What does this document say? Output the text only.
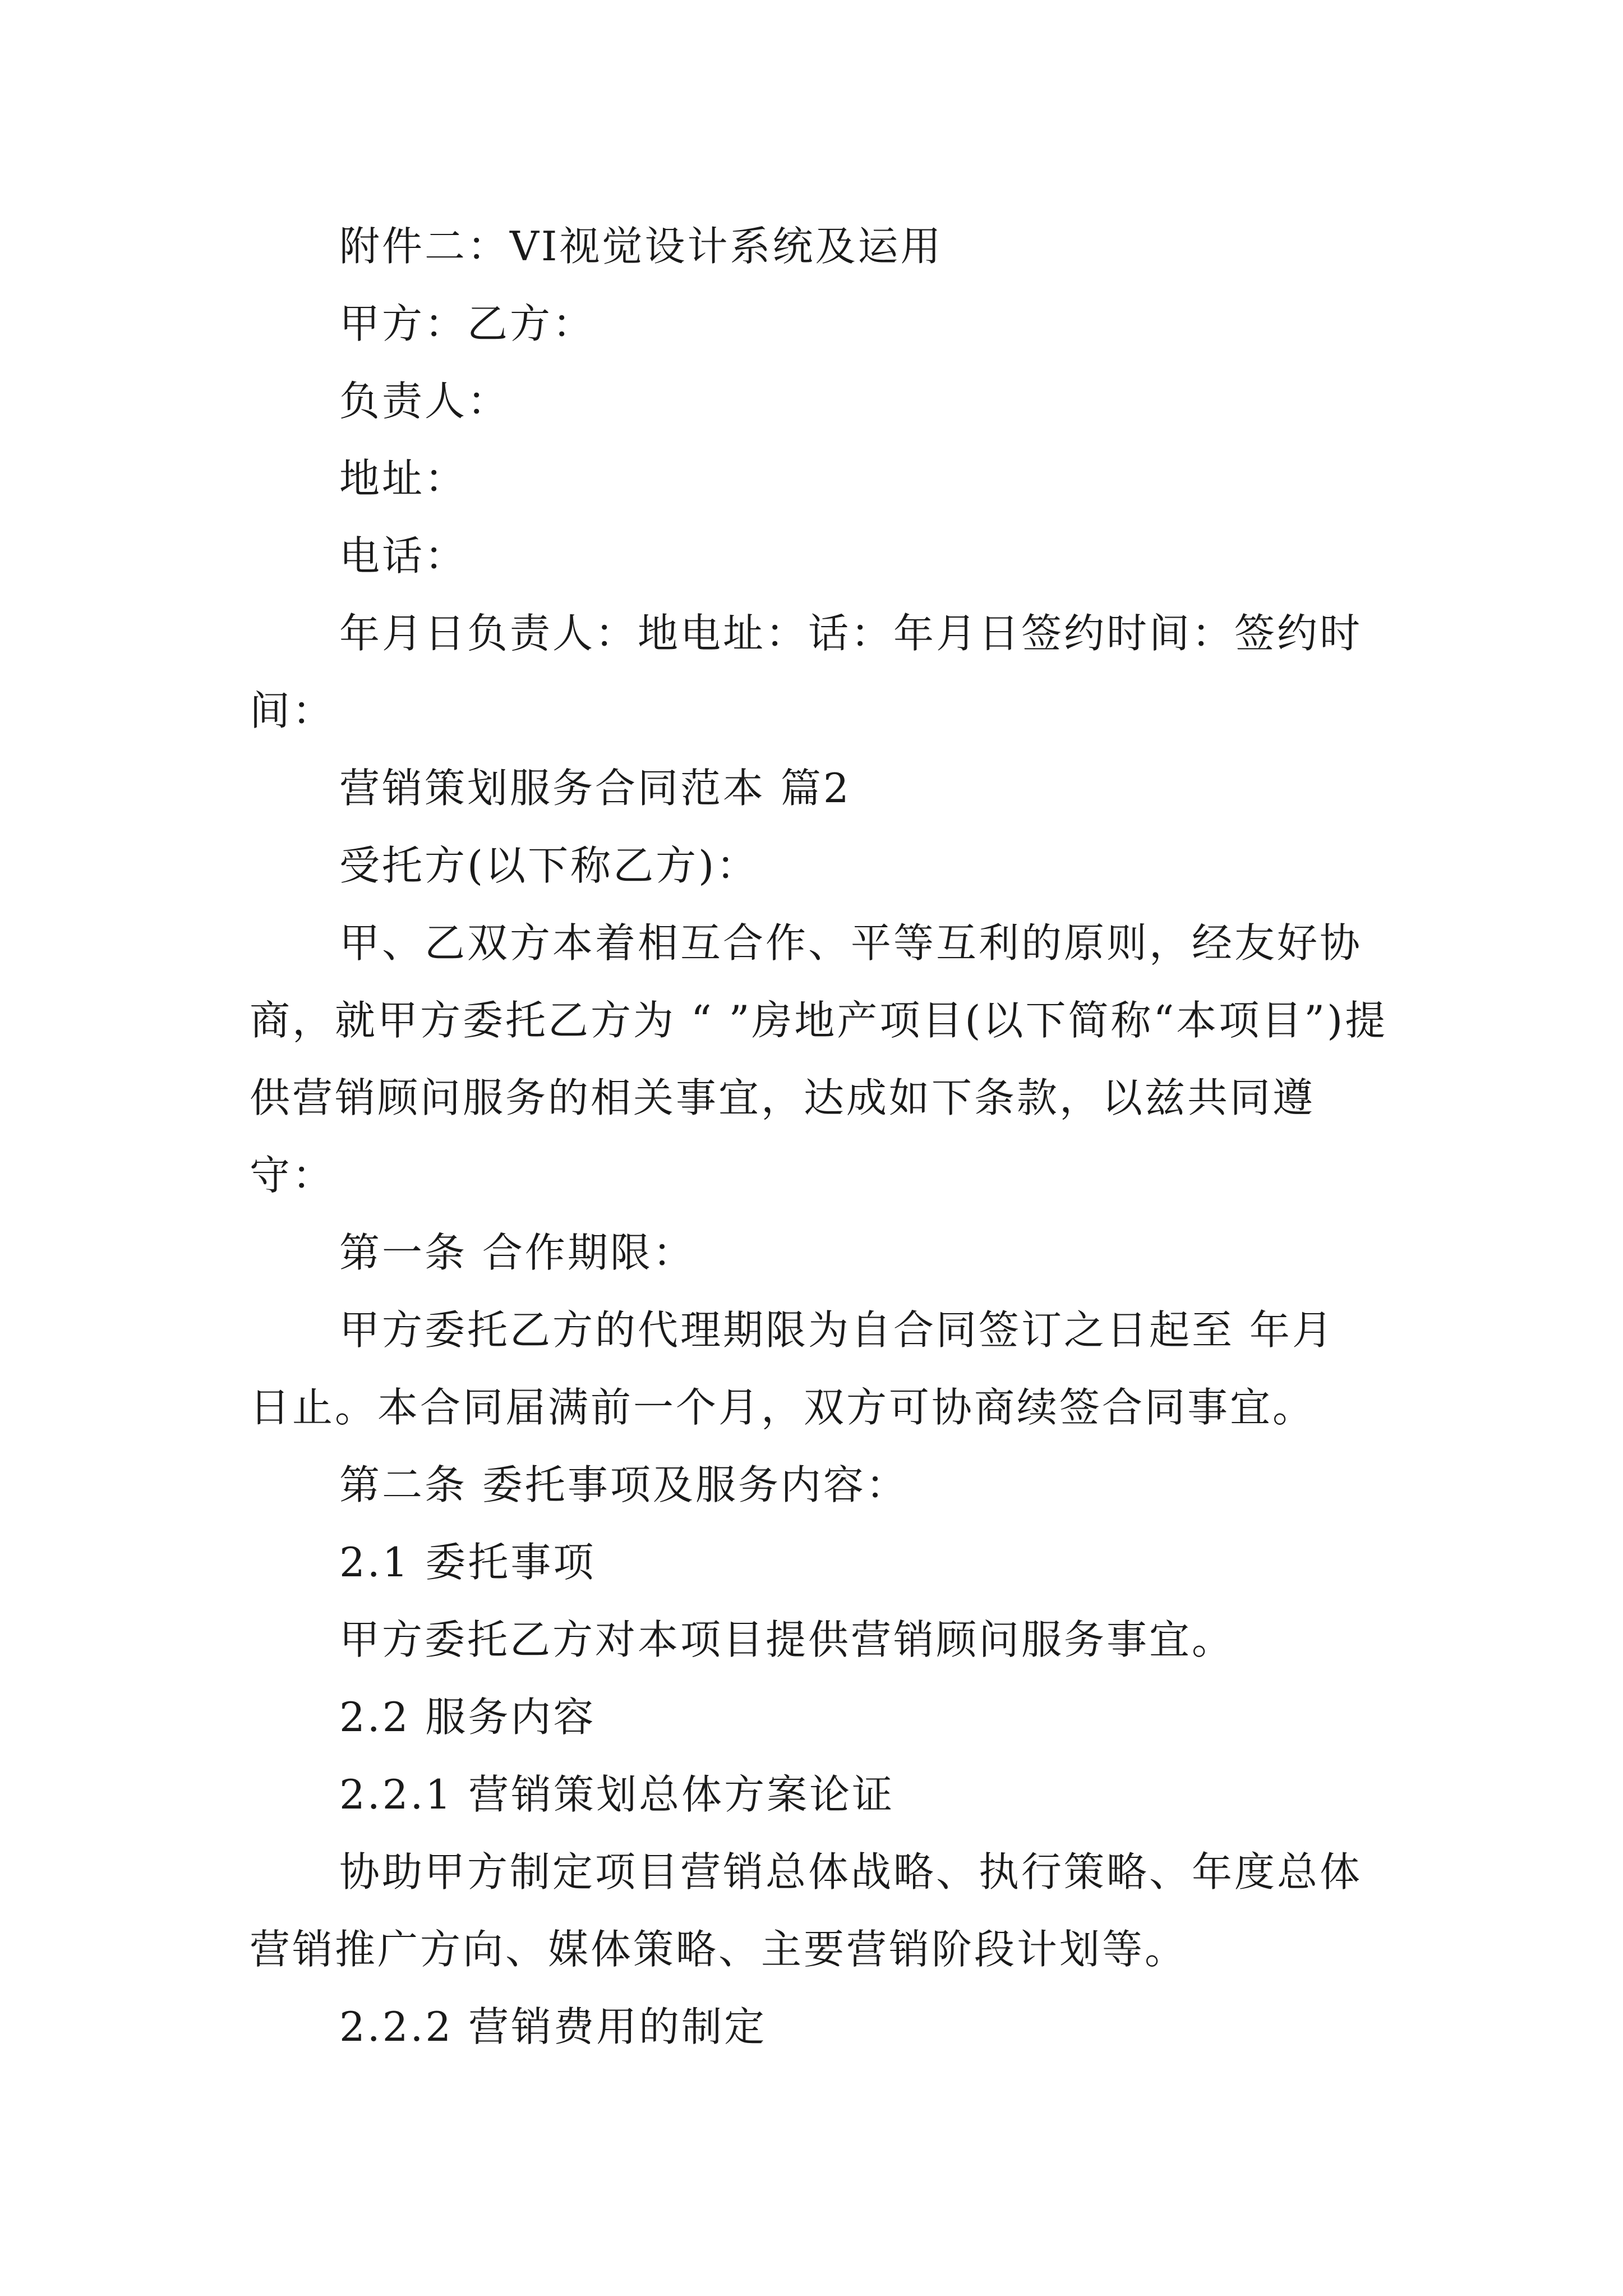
附件二：VI视觉设计系统及运用

甲方：乙方：

负责人：

地址：

电话：

年月日负责人：地电址：话：年月日签约时间：签约时间：

营销策划服务合同范本 篇2

受托方(以下称乙方)：

甲、乙双方本着相互合作、平等互利的原则，经友好协商，就甲方委托乙方为 “ ”房地产项目(以下简称“本项目”)提供营销顾问服务的相关事宜，达成如下条款，以兹共同遵守：

第一条 合作期限：

甲方委托乙方的代理期限为自合同签订之日起至 年月 日止。本合同届满前一个月，双方可协商续签合同事宜。

第二条 委托事项及服务内容：

2.1 委托事项

甲方委托乙方对本项目提供营销顾问服务事宜。

2.2 服务内容

2.2.1 营销策划总体方案论证

协助甲方制定项目营销总体战略、执行策略、年度总体营销推广方向、媒体策略、主要营销阶段计划等。

2.2.2 营销费用的制定
